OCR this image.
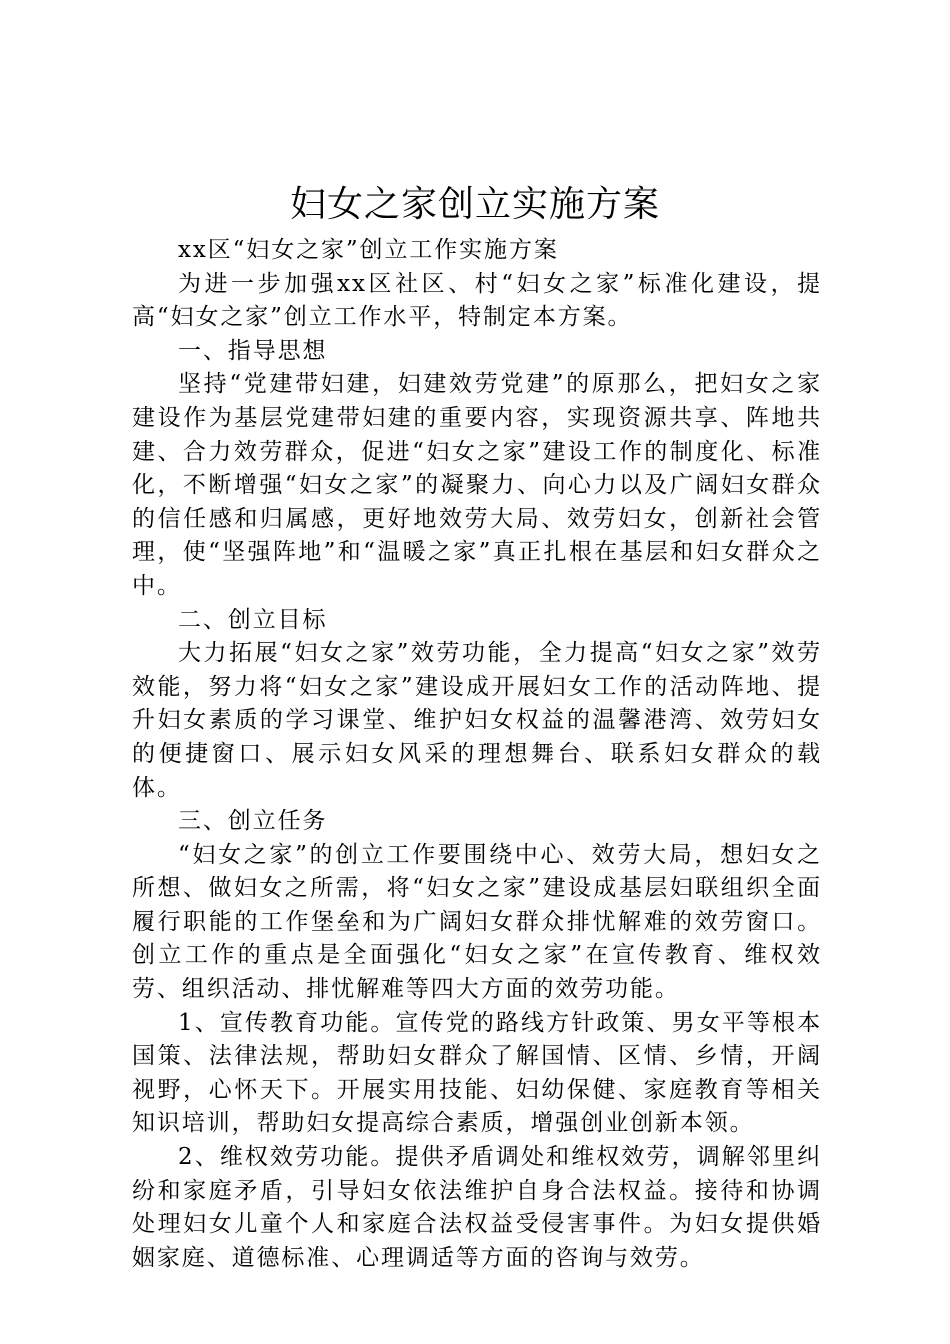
妇女之家创立实施方案

xx区“妇女之家”创立工作实施方案

为进一步加强xx区社区、村“妇女之家”标准化建设，提高“妇女之家”创立工作水平，特制定本方案。

一、指导思想

坚持“党建带妇建，妇建效劳党建”的原那么，把妇女之家建设作为基层党建带妇建的重要内容，实现资源共享、阵地共建、合力效劳群众，促进“妇女之家”建设工作的制度化、标准化，不断增强“妇女之家”的凝聚力、向心力以及广阔妇女群众的信任感和归属感，更好地效劳大局、效劳妇女，创新社会管理，使“坚强阵地”和“温暖之家”真正扎根在基层和妇女群众之中。

二、创立目标

大力拓展“妇女之家”效劳功能，全力提高“妇女之家”效劳效能，努力将“妇女之家”建设成开展妇女工作的活动阵地、提升妇女素质的学习课堂、维护妇女权益的温馨港湾、效劳妇女的便捷窗口、展示妇女风采的理想舞台、联系妇女群众的载体。

三、创立任务

“妇女之家”的创立工作要围绕中心、效劳大局，想妇女之所想、做妇女之所需，将“妇女之家”建设成基层妇联组织全面履行职能的工作堡垒和为广阔妇女群众排忧解难的效劳窗口。创立工作的重点是全面强化“妇女之家”在宣传教育、维权效劳、组织活动、排忧解难等四大方面的效劳功能。

1、宣传教育功能。宣传党的路线方针政策、男女平等根本国策、法律法规，帮助妇女群众了解国情、区情、乡情，开阔视野，心怀天下。开展实用技能、妇幼保健、家庭教育等相关知识培训，帮助妇女提高综合素质，增强创业创新本领。

2、维权效劳功能。提供矛盾调处和维权效劳，调解邻里纠纷和家庭矛盾，引导妇女依法维护自身合法权益。接待和协调处理妇女儿童个人和家庭合法权益受侵害事件。为妇女提供婚姻家庭、道德标准、心理调适等方面的咨询与效劳。
